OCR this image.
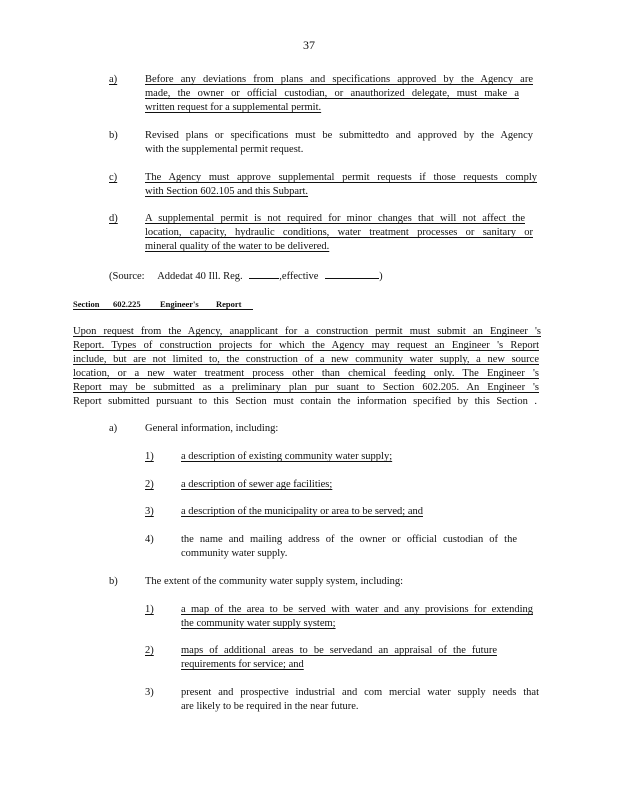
37
a)	Before any deviations from plans and specifications approved by the Agency are
made, the owner or official custodian, or anauthorized delegate, must make a
written request for a supplemental permit.
b)	Revised plans or specifications must be submittedto and approved by the Agency
with the supplemental permit request.
c)	The Agency must approve supplemental permit requests if those requests comply
with Section 602.105 and this Subpart.
d)	A supplemental permit is not required for minor changes that will not affect the
location, capacity, hydraulic conditions, water treatment processes or sanitary or
mineral quality of the water to be delivered.
(Source: Addedat 40 Ill. Reg.	,effective	)
Section 602.225 Engineer's Report
Upon request from the Agency, anapplicant for a construction permit must submit an Engineer 's
Report. Types of construction projects for which the Agency may request an Engineer 's Report
include, but are not limited to, the construction of a new community water supply, a new source
location, or a new water treatment process other than chemical feeding only. The Engineer 's
Report may be submitted as a preliminary plan pur suant to Section 602.205. An Engineer 's
Report submitted pursuant to this Section must contain the information specified by this Section .
a)	General information, including:
1)	a description of existing community water supply;
2)	a description of sewer age facilities;
3)	a description of the municipality or area to be served; and
4)	the name and mailing address of the owner or official custodian of the
community water supply.
b)	The extent of the community water supply system, including:
1)	a map of the area to be served with water and any provisions for extending
the community water supply system;
2)	maps of additional areas to be servedand an appraisal of the future
requirements for service; and
3)	present and prospective industrial and com mercial water supply needs that
are likely to be required in the near future.
